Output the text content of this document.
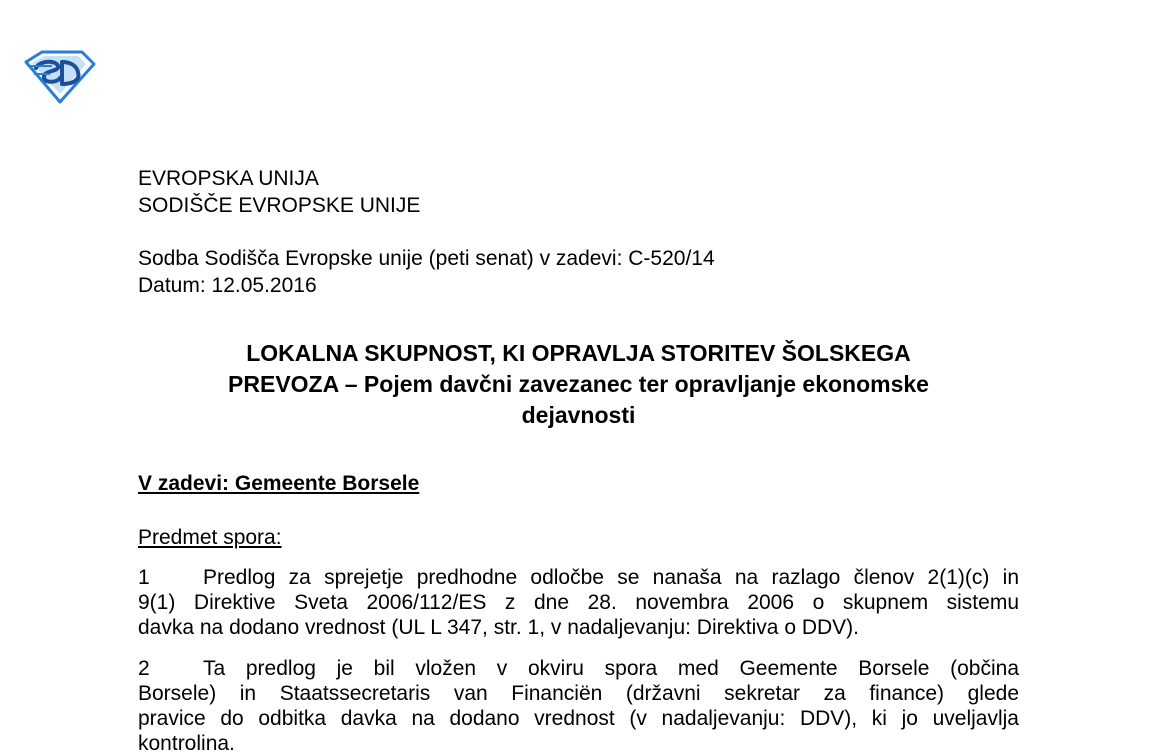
EVROPSKA UNIJA
SODIŠČE EVROPSKE UNIJE
Sodba Sodišča Evropske unije (peti senat) v zadevi: C-520/14
Datum: 12.05.2016
LOKALNA SKUPNOST, KI OPRAVLJA STORITEV ŠOLSKEGA
PREVOZA – Pojem davčni zavezanec ter opravljanje ekonomske
dejavnosti
V zadevi: Gemeente Borsele
Predmet spora:
1	Predlog za sprejetje predhodne odločbe se nanaša na razlago členov 2(1)(c) in
9(1) Direktive Sveta 2006/112/ES z dne 28. novembra 2006 o skupnem sistemu
davka na dodano vrednost (UL L 347, str. 1, v nadaljevanju: Direktiva o DDV).
2	Ta predlog je bil vložen v okviru spora med Geemente Borsele (občina
Borsele) in Staatssecretaris van Financiën (državni sekretar za finance) glede
pravice do odbitka davka na dodano vrednost (v nadaljevanju: DDV), ki jo uveljavlja
kontrolina.
